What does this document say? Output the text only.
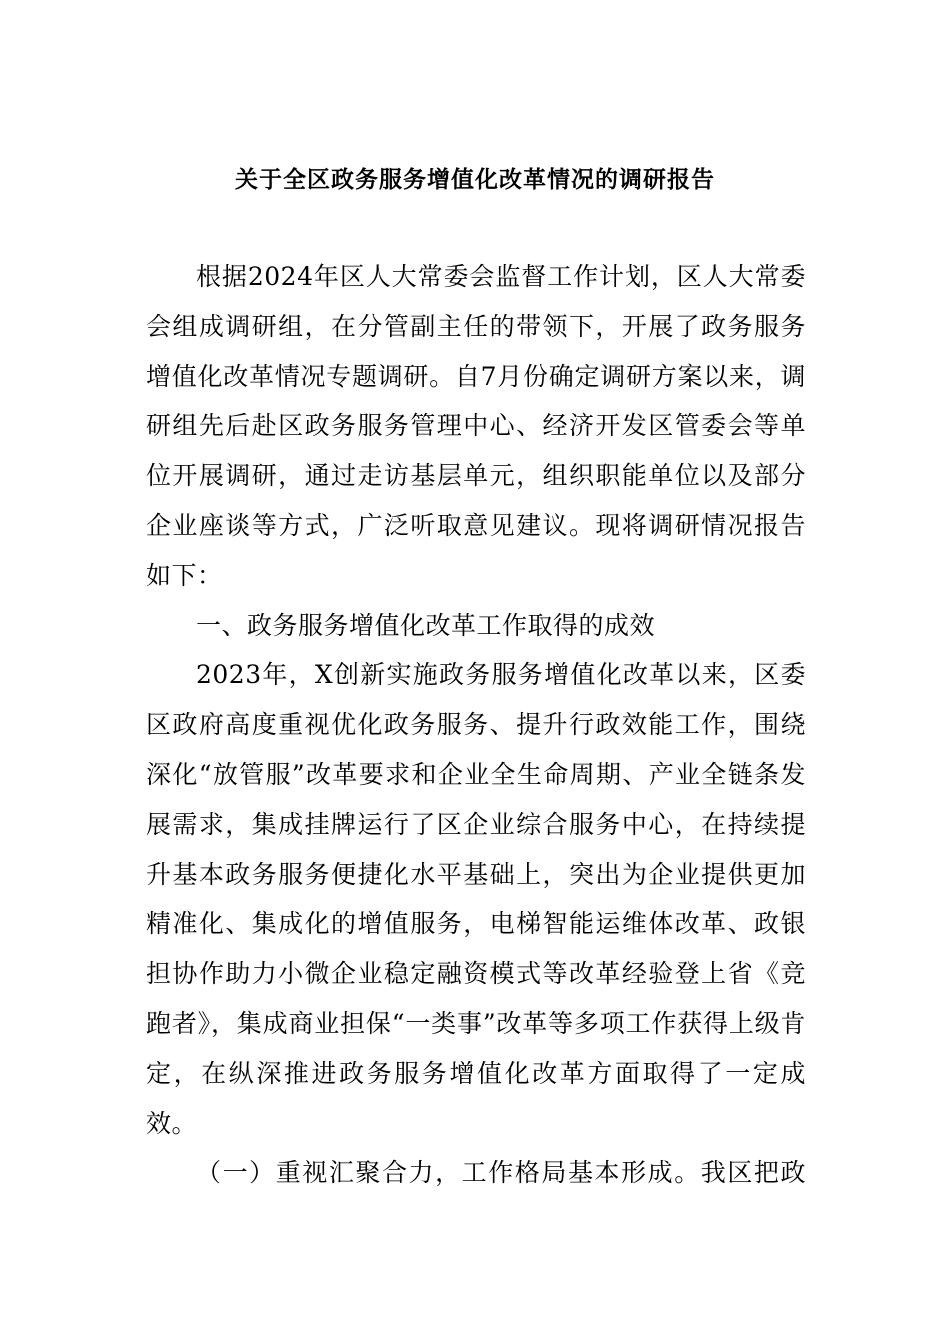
关于全区政务服务增值化改革情况的调研报告

根据2024年区人大常委会监督工作计划，区人大常委会组成调研组，在分管副主任的带领下，开展了政务服务增值化改革情况专题调研。自7月份确定调研方案以来，调研组先后赴区政务服务管理中心、经济开发区管委会等单位开展调研，通过走访基层单元，组织职能单位以及部分企业座谈等方式，广泛听取意见建议。现将调研情况报告如下：

一、政务服务增值化改革工作取得的成效

2023年，X创新实施政务服务增值化改革以来，区委区政府高度重视优化政务服务、提升行政效能工作，围绕深化“放管服”改革要求和企业全生命周期、产业全链条发展需求，集成挂牌运行了区企业综合服务中心，在持续提升基本政务服务便捷化水平基础上，突出为企业提供更加精准化、集成化的增值服务，电梯智能运维体改革、政银担协作助力小微企业稳定融资模式等改革经验登上省《竞跑者》，集成商业担保“一类事”改革等多项工作获得上级肯定，在纵深推进政务服务增值化改革方面取得了一定成效。

（一）重视汇聚合力，工作格局基本形成。我区把政
